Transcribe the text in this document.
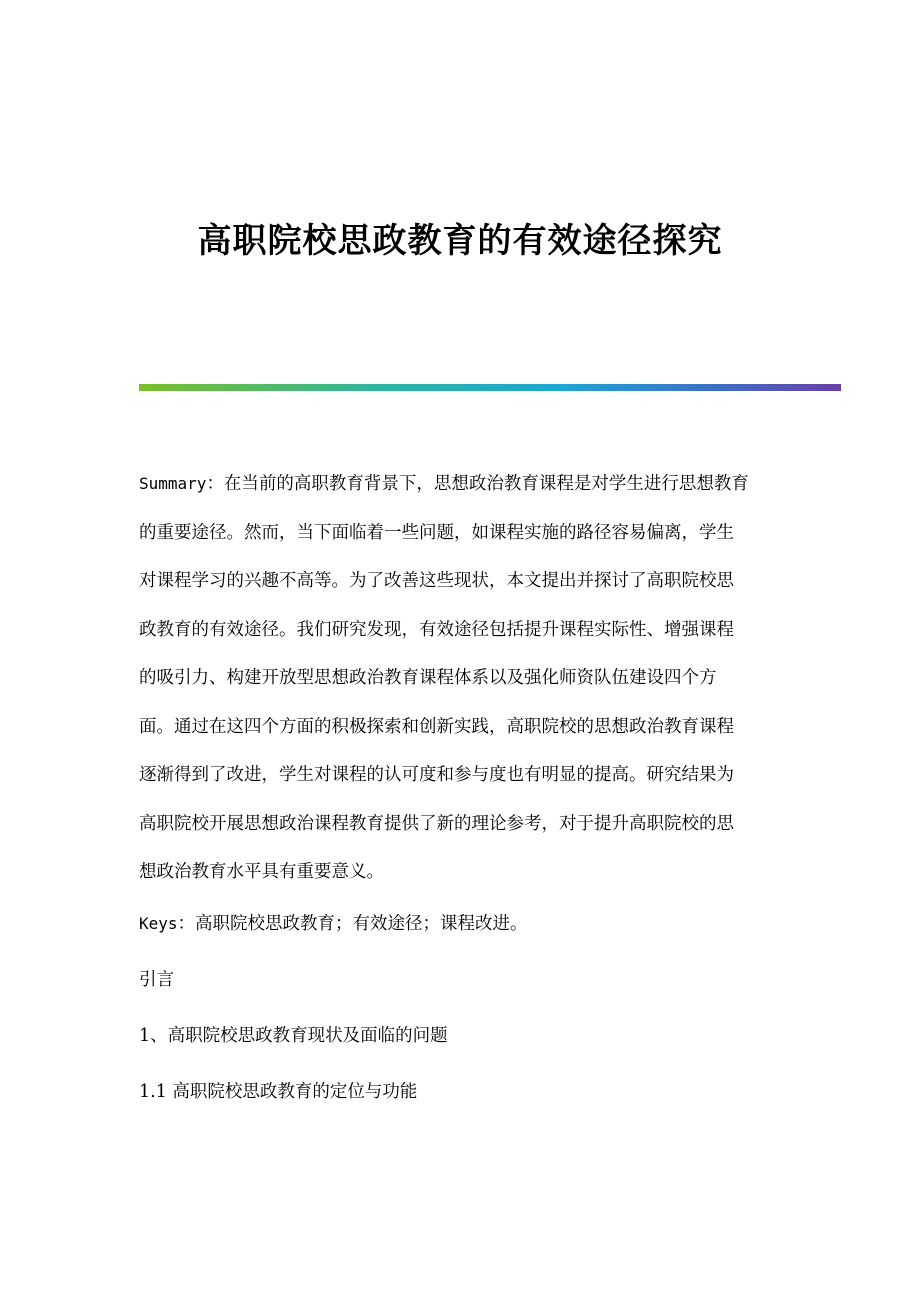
高职院校思政教育的有效途径探究
Summary：在当前的高职教育背景下，思想政治教育课程是对学生进行思想教育
的重要途径。然而，当下面临着一些问题，如课程实施的路径容易偏离，学生
对课程学习的兴趣不高等。为了改善这些现状，本文提出并探讨了高职院校思
政教育的有效途径。我们研究发现，有效途径包括提升课程实际性、增强课程
的吸引力、构建开放型思想政治教育课程体系以及强化师资队伍建设四个方
面。通过在这四个方面的积极探索和创新实践，高职院校的思想政治教育课程
逐渐得到了改进，学生对课程的认可度和参与度也有明显的提高。研究结果为
高职院校开展思想政治课程教育提供了新的理论参考，对于提升高职院校的思
想政治教育水平具有重要意义。
Keys：高职院校思政教育；有效途径；课程改进。
引言
1、高职院校思政教育现状及面临的问题
1.1 高职院校思政教育的定位与功能
